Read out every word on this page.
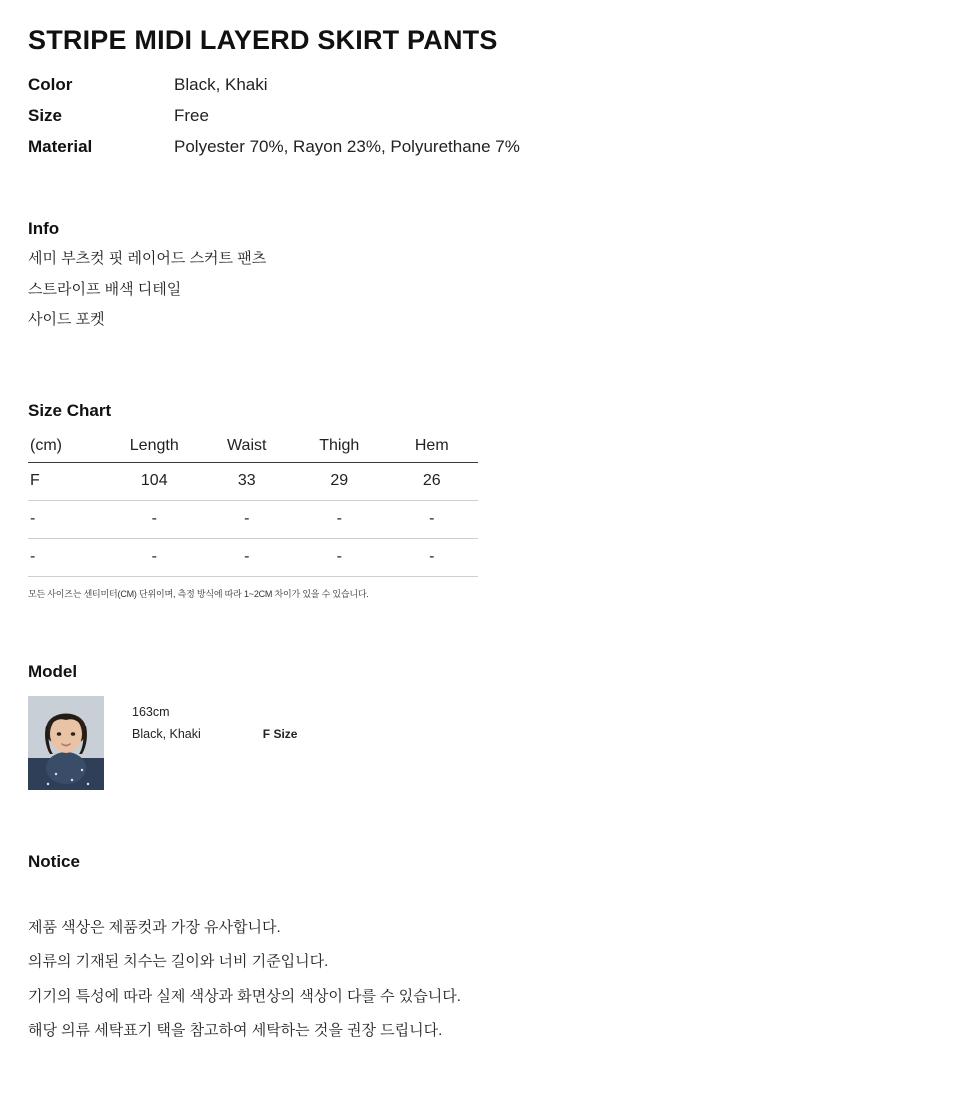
STRIPE MIDI LAYERD SKIRT PANTS
Color	Black, Khaki
Size	Free
Material	Polyester 70%, Rayon 23%, Polyurethane 7%
Info
세미 부츠컷 핏 레이어드 스커트 팬츠
스트라이프 배색 디테일
사이드 포켓
Size Chart
(cm)	Length	Waist	Thigh	Hem
F	104	33	29	26
-	-	-	-	-
-	-	-	-	-
모든 사이즈는 센티미터(CM) 단위이며, 측정 방식에 따라 1~2CM 차이가 있을 수 있습니다.
Model
163cm
Black, Khaki	F Size
Notice
제품 색상은 제품컷과 가장 유사합니다.
의류의 기재된 치수는 길이와 너비 기준입니다.
기기의 특성에 따라 실제 색상과 화면상의 색상이 다를 수 있습니다.
해당 의류 세탁표기 택을 참고하여 세탁하는 것을 권장 드립니다.
